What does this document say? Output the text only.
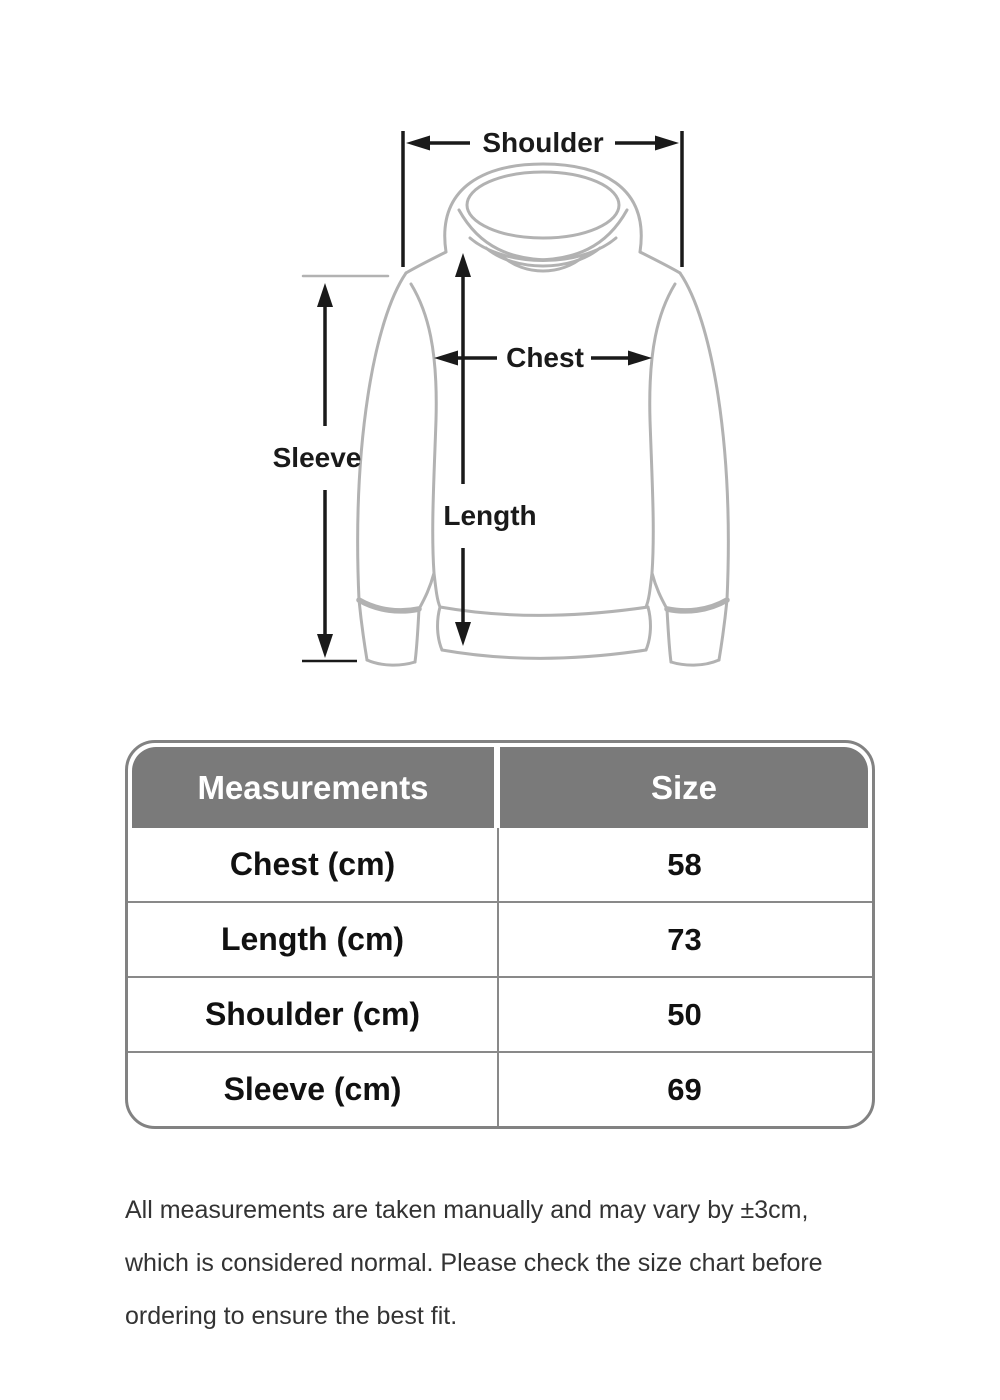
Shoulder
Chest
Sleeve
Length
Measurements	Size
Chest (cm)	58
Length (cm)	73
Shoulder (cm)	50
Sleeve (cm)	69
All measurements are taken manually and may vary by ±3cm,
which is considered normal. Please check the size chart before
ordering to ensure the best fit.
